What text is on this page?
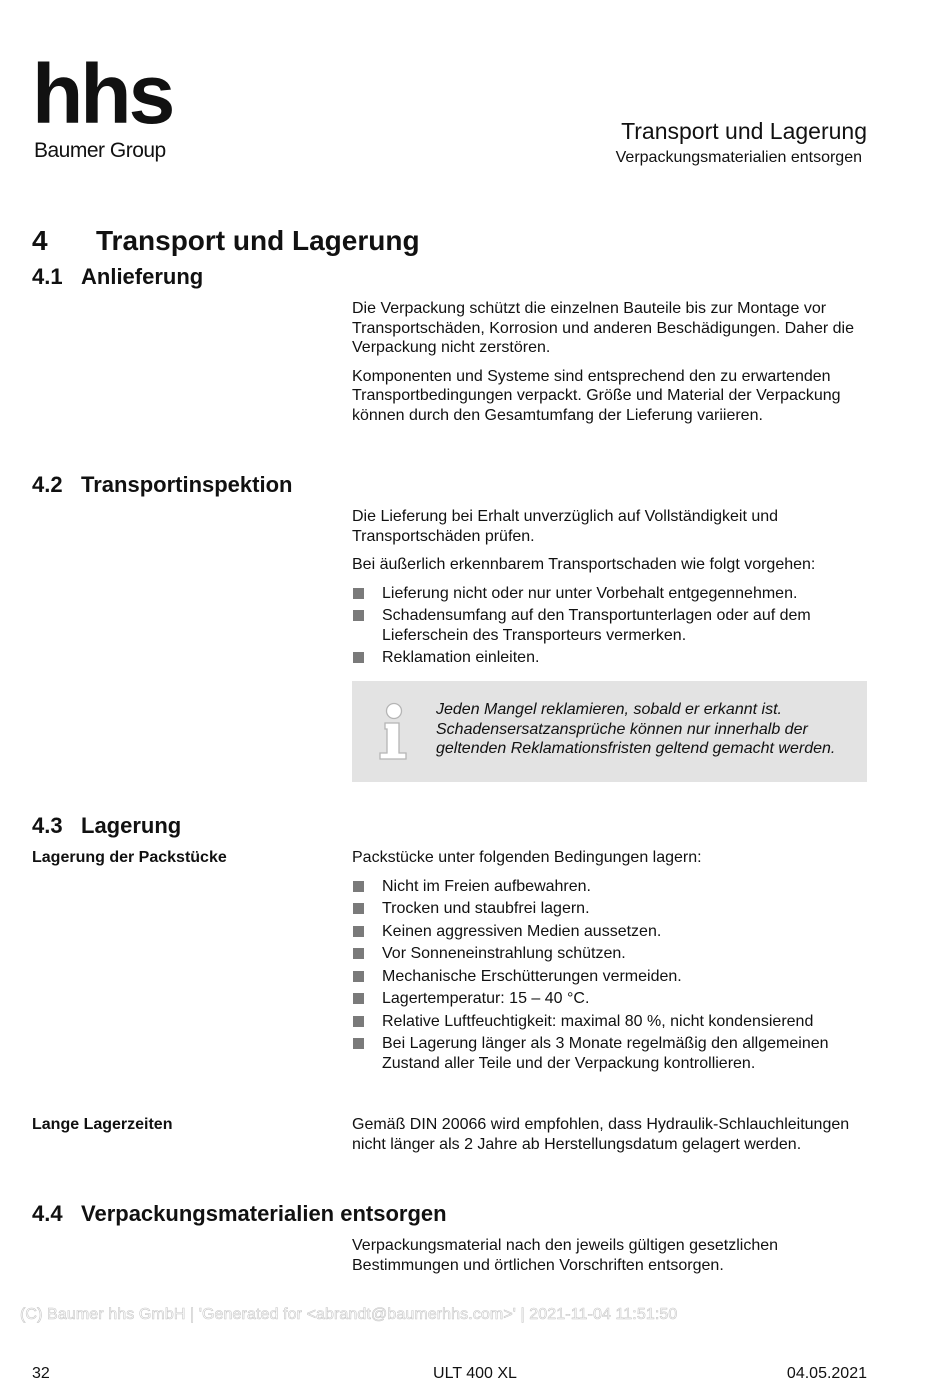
hhs
Baumer Group
Transport und Lagerung
Verpackungsmaterialien entsorgen
4 Transport und Lagerung
4.1 Anlieferung

Die Verpackung schützt die einzelnen Bauteile bis zur Montage vor Transportschäden, Korrosion und anderen Beschädigungen. Daher die Verpackung nicht zerstören.

Komponenten und Systeme sind entsprechend den zu erwartenden Transportbedingungen verpackt. Größe und Material der Verpackung können durch den Gesamtumfang der Lieferung variieren.

4.2 Transportinspektion

Die Lieferung bei Erhalt unverzüglich auf Vollständigkeit und Transportschäden prüfen.

Bei äußerlich erkennbarem Transportschaden wie folgt vorgehen:

Lieferung nicht oder nur unter Vorbehalt entgegennehmen.
Schadensumfang auf den Transportunterlagen oder auf dem Lieferschein des Transporteurs vermerken.
Reklamation einleiten.
Jeden Mangel reklamieren, sobald er erkannt ist. Schadensersatzansprüche können nur innerhalb der geltenden Reklamationsfristen geltend gemacht werden.
4.3 Lagerung
Lagerung der Packstücke	Packstücke unter folgenden Bedingungen lagern:

Nicht im Freien aufbewahren.
Trocken und staubfrei lagern.
Keinen aggressiven Medien aussetzen.
Vor Sonneneinstrahlung schützen.
Mechanische Erschütterungen vermeiden.
Lagertemperatur: 15 – 40 °C.
Relative Luftfeuchtigkeit: maximal 80 %, nicht kondensierend
Bei Lagerung länger als 3 Monate regelmäßig den allgemeinen Zustand aller Teile und der Verpackung kontrollieren.
Lange Lagerzeiten	Gemäß DIN 20066 wird empfohlen, dass Hydraulik-Schlauchleitungen nicht länger als 2 Jahre ab Herstellungsdatum gelagert werden.

4.4 Verpackungsmaterialien entsorgen

Verpackungsmaterial nach den jeweils gültigen gesetzlichen Bestimmungen und örtlichen Vorschriften entsorgen.

(C) Baumer hhs GmbH | 'Generated for <abrandt@baumerhhs.com>' | 2021-11-04 11:51:50
32	ULT 400 XL	04.05.2021
